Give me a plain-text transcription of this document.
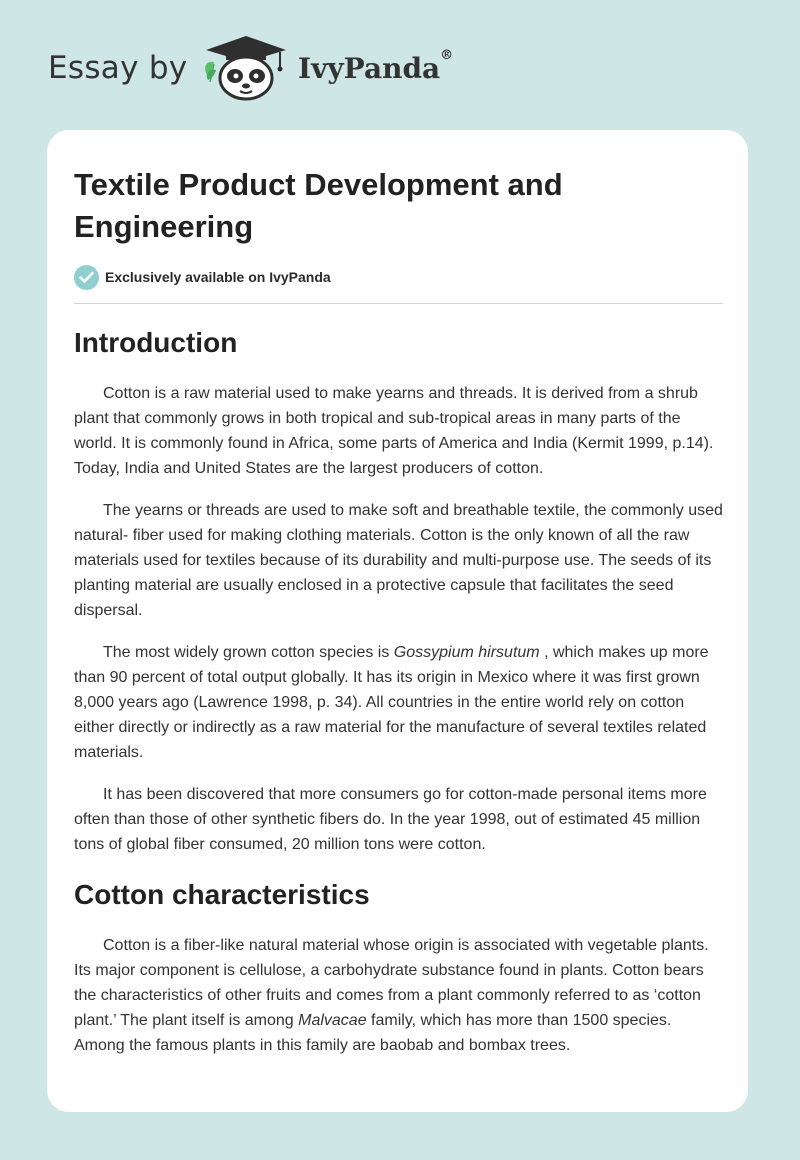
Essay by	IvyPanda®
Textile Product Development and Engineering
Exclusively available on IvyPanda
Introduction

Cotton is a raw material used to make yearns and threads. It is derived from a shrub plant that commonly grows in both tropical and sub-tropical areas in many parts of the world. It is commonly found in Africa, some parts of America and India (Kermit 1999, p.14). Today, India and United States are the largest producers of cotton.

The yearns or threads are used to make soft and breathable textile, the commonly used natural- fiber used for making clothing materials. Cotton is the only known of all the raw materials used for textiles because of its durability and multi-purpose use. The seeds of its planting material are usually enclosed in a protective capsule that facilitates the seed dispersal.

The most widely grown cotton species is Gossypium hirsutum , which makes up more than 90 percent of total output globally. It has its origin in Mexico where it was first grown 8,000 years ago (Lawrence 1998, p. 34). All countries in the entire world rely on cotton either directly or indirectly as a raw material for the manufacture of several textiles related materials.

It has been discovered that more consumers go for cotton-made personal items more often than those of other synthetic fibers do. In the year 1998, out of estimated 45 million tons of global fiber consumed, 20 million tons were cotton.

Cotton characteristics

Cotton is a fiber-like natural material whose origin is associated with vegetable plants. Its major component is cellulose, a carbohydrate substance found in plants. Cotton bears the characteristics of other fruits and comes from a plant commonly referred to as ‘cotton plant.’ The plant itself is among Malvacae family, which has more than 1500 species. Among the famous plants in this family are baobab and bombax trees.
